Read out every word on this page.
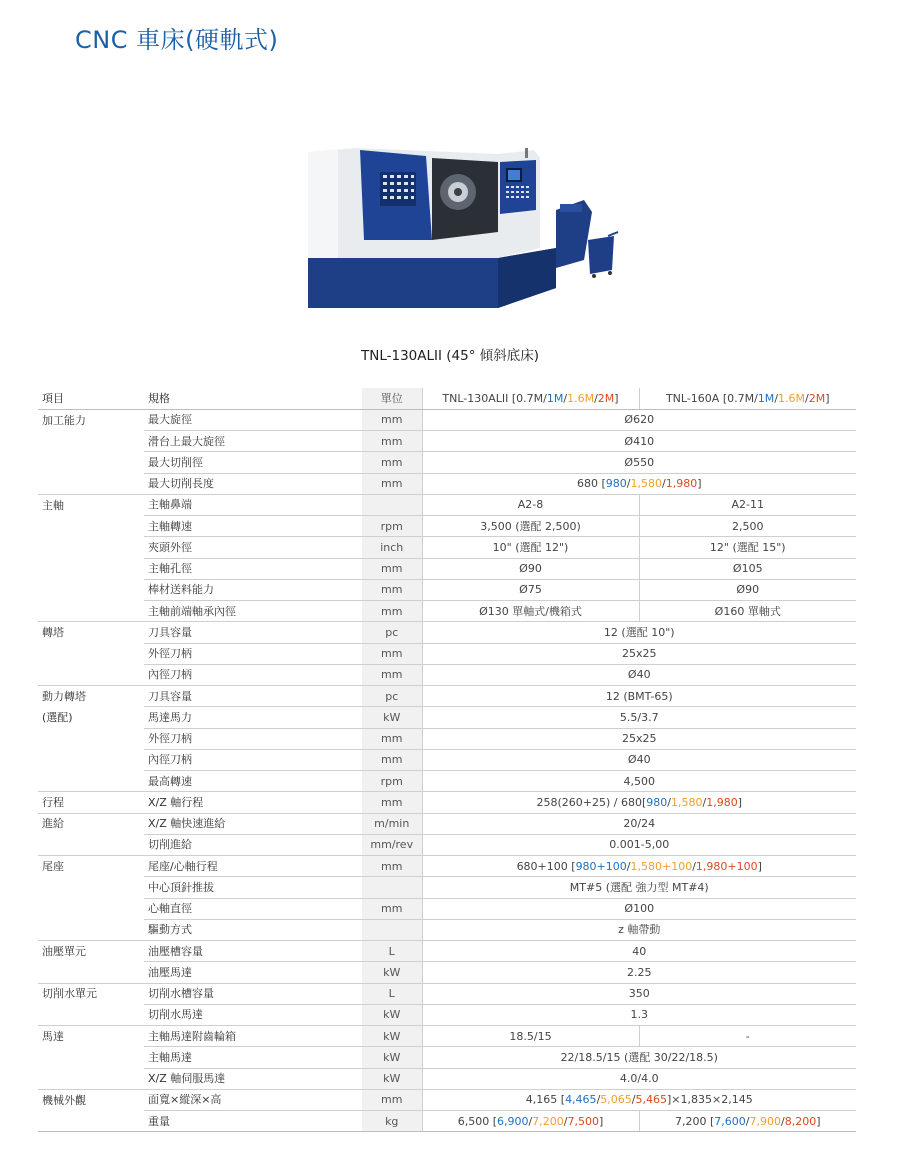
CNC 車床(硬軌式)
TNL-130ALII (45° 傾斜底床)
項目	規格	單位	TNL-130ALII [0.7M/1M/1.6M/2M]	TNL-160A [0.7M/1M/1.6M/2M]
加工能力	最大旋徑	mm	Ø620	
	滑台上最大旋徑	mm	Ø410	
	最大切削徑	mm	Ø550	
	最大切削長度	mm	680 [980/1,580/1,980]	
主軸	主軸鼻端		A2-8	A2-11
	主軸轉速	rpm	3,500 (選配 2,500)	2,500
	夾頭外徑	inch	10" (選配 12")	12" (選配 15")
	主軸孔徑	mm	Ø90	Ø105
	棒材送料能力	mm	Ø75	Ø90
	主軸前端軸承內徑	mm	Ø130 單軸式/機箱式	Ø160 單軸式
轉塔	刀具容量	pc	12 (選配 10")	
	外徑刀柄	mm	25x25	
	內徑刀柄	mm	Ø40	
動力轉塔	刀具容量	pc	12 (BMT-65)	
(選配)	馬達馬力	kW	5.5/3.7	
	外徑刀柄	mm	25x25	
	內徑刀柄	mm	Ø40	
	最高轉速	rpm	4,500	
行程	X/Z 軸行程	mm	258(260+25) / 680[980/1,580/1,980]	
進給	X/Z 軸快速進給	m/min	20/24	
	切削進給	mm/rev	0.001-5,00	
尾座	尾座/心軸行程	mm	680+100 [980+100/1,580+100/1,980+100]	
	中心頂針推拔		MT#5 (選配 強力型 MT#4)	
	心軸直徑	mm	Ø100	
	驅動方式		z 軸帶動	
油壓單元	油壓槽容量	L	40	
	油壓馬達	kW	2.25	
切削水單元	切削水槽容量	L	350	
	切削水馬達	kW	1.3	
馬達	主軸馬達附齒輪箱	kW	18.5/15	-
	主軸馬達	kW	22/18.5/15 (選配 30/22/18.5)	
	X/Z 軸伺服馬達	kW	4.0/4.0	
機械外觀	面寬×縱深×高	mm	4,165 [4,465/5,065/5,465]×1,835×2,145	
	重量	kg	6,500 [6,900/7,200/7,500]	7,200 [7,600/7,900/8,200]
